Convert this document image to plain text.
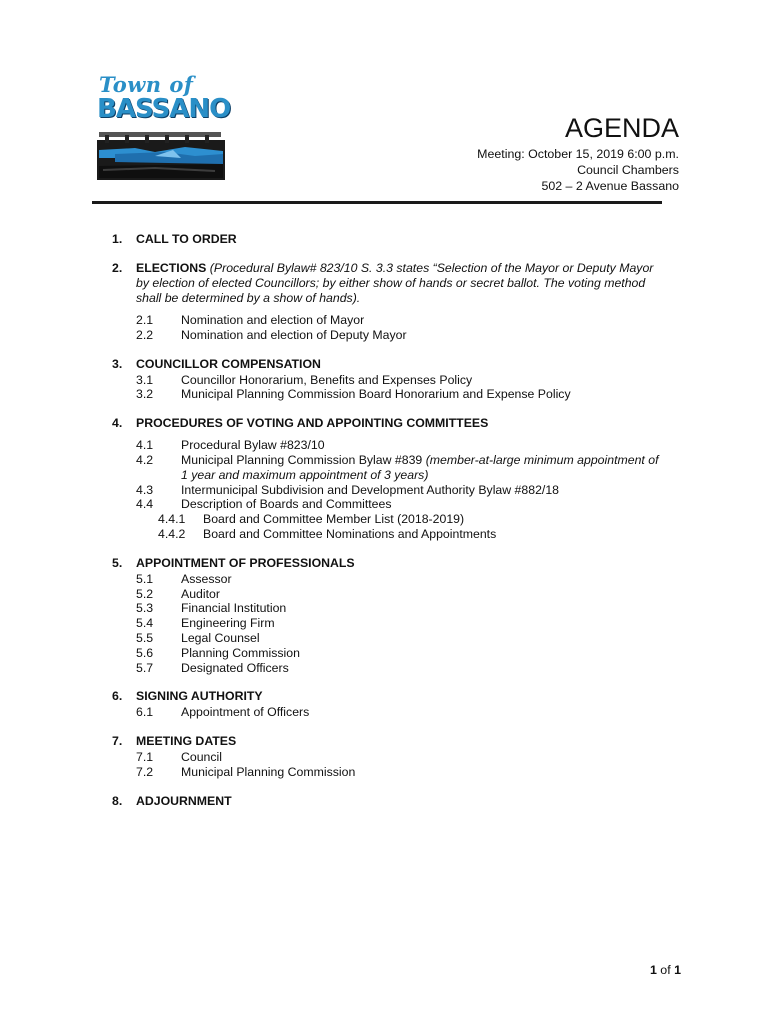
Town of
BASSANO
AGENDA
Meeting: October 15, 2019 6:00 p.m.
Council Chambers
502 – 2 Avenue Bassano
1.	CALL TO ORDER
2.	ELECTIONS (Procedural Bylaw# 823/10 S. 3.3 states “Selection of the Mayor or Deputy Mayor
by election of elected Councillors; by either show of hands or secret ballot. The voting method
shall be determined by a show of hands).
2.1	Nomination and election of Mayor
2.2	Nomination and election of Deputy Mayor
3.	COUNCILLOR COMPENSATION
3.1	Councillor Honorarium, Benefits and Expenses Policy
3.2	Municipal Planning Commission Board Honorarium and Expense Policy
4.	PROCEDURES OF VOTING AND APPOINTING COMMITTEES
4.1	Procedural Bylaw #823/10
4.2	Municipal Planning Commission Bylaw #839 (member-at-large minimum appointment of
1 year and maximum appointment of 3 years)
4.3	Intermunicipal Subdivision and Development Authority Bylaw #882/18
4.4	Description of Boards and Committees
4.4.1	Board and Committee Member List (2018-2019)
4.4.2	Board and Committee Nominations and Appointments
5.	APPOINTMENT OF PROFESSIONALS
5.1	Assessor
5.2	Auditor
5.3	Financial Institution
5.4	Engineering Firm
5.5	Legal Counsel
5.6	Planning Commission
5.7	Designated Officers
6.	SIGNING AUTHORITY
6.1	Appointment of Officers
7.	MEETING DATES
7.1	Council
7.2	Municipal Planning Commission
8.	ADJOURNMENT
1 of 1
